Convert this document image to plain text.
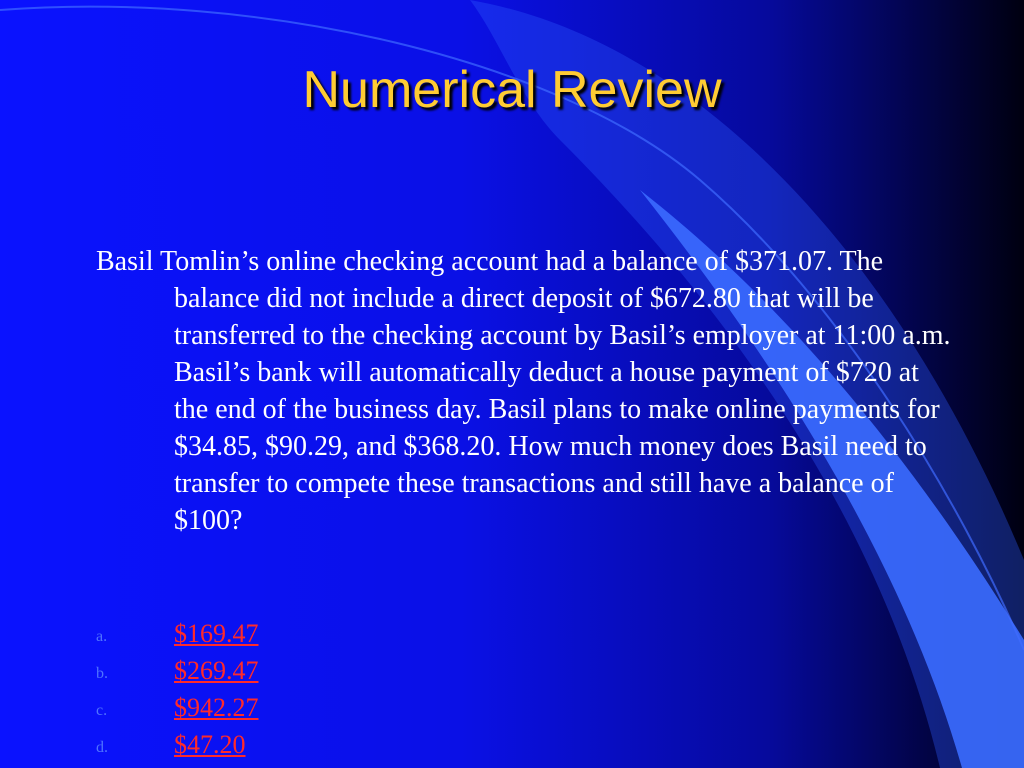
Numerical Review

Basil Tomlin’s online checking account had a balance of $371.07. The balance did not include a direct deposit of $672.80 that will be transferred to the checking account by Basil’s employer at 11:00 a.m. Basil’s bank will automatically deduct a house payment of $720 at the end of the business day. Basil plans to make online payments for $34.85, $90.29, and $368.20. How much money does Basil need to transfer to compete these transactions and still have a balance of $100?

a.	$169.47
b.	$269.47
c.	$942.27
d.	$47.20
